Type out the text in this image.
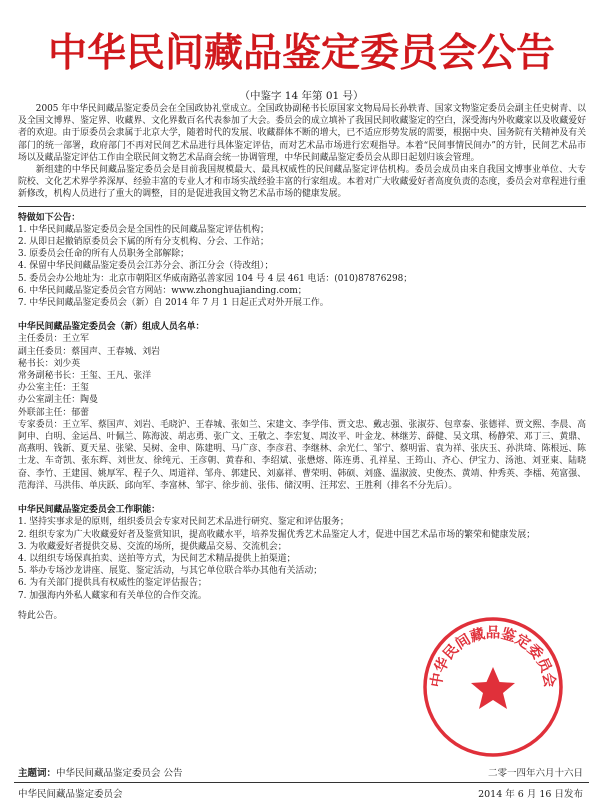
中华民间藏品鉴定委员会公告
（中鉴字 14 年第 01 号）

2005 年中华民间藏品鉴定委员会在全国政协礼堂成立。全国政协副秘书长原国家文物局局长孙轶青、国家文物鉴定委员会副主任史树青、以及全国文博界、鉴定界、收藏界、文化界数百名代表参加了大会。委员会的成立填补了我国民间收藏鉴定的空白，深受海内外收藏家以及收藏爱好者的欢迎。由于原委员会隶属于北京大学，随着时代的发展、收藏群体不断的增大，已不适应形势发展的需要，根据中央、国务院有关精神及有关部门的统一部署，政府部门不再对民间艺术品进行具体鉴定评估，而对艺术品市场进行宏观指导。本着“民间事情民间办”的方针，民间艺术品市场以及藏品鉴定评估工作由全联民间文物艺术品商会统一协调管理，中华民间藏品鉴定委员会从即日起划归该会管理。

新组建的中华民间藏品鉴定委员会是目前我国规模最大、最具权威性的民间藏品鉴定评估机构。委员会成员由来自我国文博事业单位、大专院校、文化艺术界学养深厚、经验丰富的专业人才和市场实战经验丰富的行家组成。本着对广大收藏爱好者高度负责的态度，委员会对章程进行重新修改，机构人员进行了重大的调整，目的是促进我国文物艺术品市场的健康发展。

特做如下公告：

1. 中华民间藏品鉴定委员会是全国性的民间藏品鉴定评估机构；

2. 从即日起撤销原委员会下属的所有分支机构、分会、工作站；

3. 原委员会任命的所有人员职务全部解除；

4. 保留中华民间藏品鉴定委员会江苏分会、浙江分会（待改组）；

5. 委员会办公地址为：北京市朝阳区华威南路弘善家园 104 号 4 层 461 电话：(010)87876298；

6. 中华民间藏品鉴定委员会官方网站：www.zhonghuajianding.com；

7. 中华民间藏品鉴定委员会（新）自 2014 年 7 月 1 日起正式对外开展工作。

中华民间藏品鉴定委员会（新）组成人员名单：

主任委员：王立军

副主任委员：蔡国声、王春城、刘岩

秘书长：刘少英

常务副秘书长：王玺、王凡、张洋

办公室主任：王玺

办公室副主任：陶曼

外联部主任：郁蕾

专家委员：王立军、蔡国声、刘岩、毛晓沪、王春城、张如兰、宋建文、李学伟、贾文忠、戴志强、张淑芬、包章泰、张德祥、贾文熙、李晨、高阿申、白明、金运昌、叶佩兰、陈海波、胡志勇、张广文、王敬之、李宏复、周汝平、叶金龙、林继芳、薛健、吴文琪、杨静荣、邓丁三、黄鼎、高燕明、钱新、夏天星、张梁、吴树、金申、陈建明、马广彦、李彦君、李继林、余光仁、邹宁、蔡明雷、袁为祥、张庆玉、孙洪琦、陈根远、陈士龙、车奇凯、张东辉、刘世友、徐纯元、王彦朝、黄春和、李绍斌、张懋熔、陈连勇、孔祥星、王筠山、齐心、伊宝力、汤池、刘亚東、陆晓奋、李竹、王建国、姚厚军、程子久、周道祥、邹舟、郭建民、刘嘉祥、曹荣明、韩硕、刘盛、温淑波、史俊杰、黄靖、仲秀英、李檑、苑富强、范海洋、马洪伟、单庆跃、邱向军、李富林、邹宇、徐步前、张伟、储汉明、汪邦宏、王胜利（排名不分先后）。

中华民间藏品鉴定委员会工作职能：

1. 坚持实事求是的原则，组织委员会专家对民间艺术品进行研究、鉴定和评估服务；

2. 组织专家为广大收藏爱好者及鉴赏知识，提高收藏水平，培养发掘优秀艺术品鉴定人才，促进中国艺术品市场的繁荣和健康发展；

3. 为收藏爱好者提供交易、交流的场所，提供藏品交易、交流机会；

4. 以组织专场保真拍卖、送拍等方式，为民间艺术精品提供上拍渠道；

5. 举办专场沙龙讲座、展览、鉴定活动，与其它单位联合举办其他有关活动；

6. 为有关部门提供具有权威性的鉴定评估报告；

7. 加强海内外私人藏家和有关单位的合作交流。

特此公告。

中华民间藏品鉴定委员会
主题词：中华民间藏品鉴定委员会 公告	二零一四年六月十六日
中华民间藏品鉴定委员会	2014 年 6 月 16 日发布
